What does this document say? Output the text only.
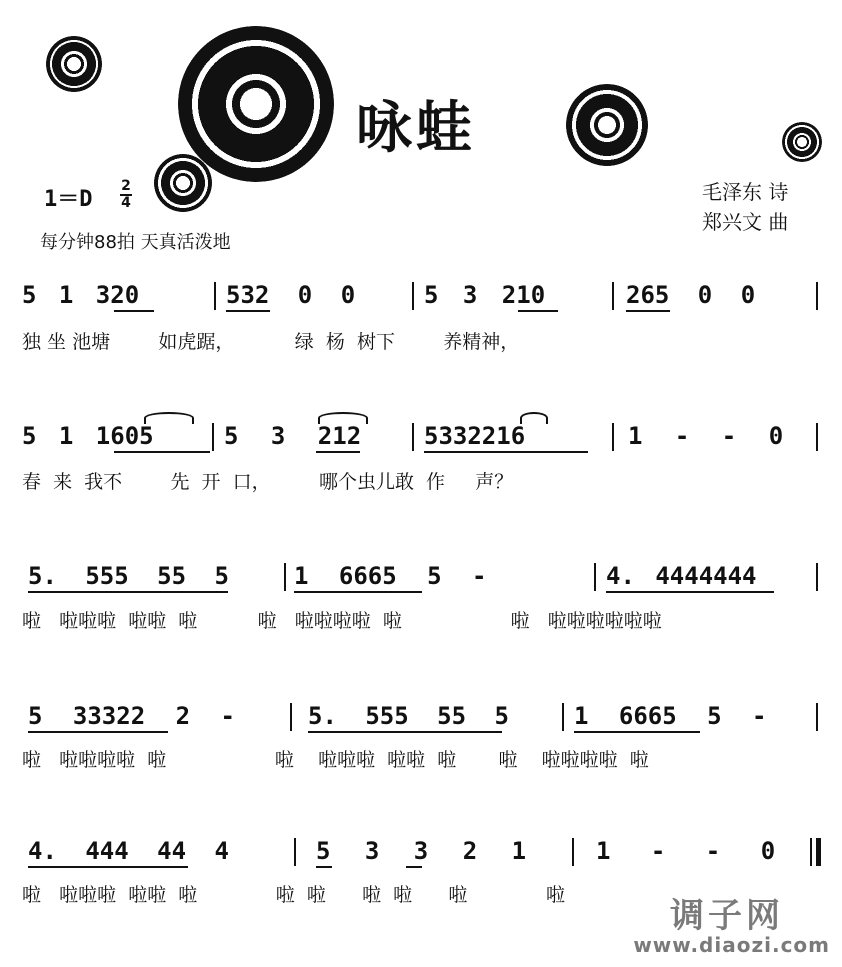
咏蛙
毛泽东 诗
郑兴文 曲
1＝D
2
4
每分钟88拍 天真活泼地
5 1 320	532 0 0	5 3 210	265 0 0
独 坐 池塘        如虎踞，          绿  杨  树下        养精神，
5 1 1605	5 3 212	5332216	1 - - 0
春  来  我不        先  开  口，        哪个虫儿敢  作     声？
5. 555 55 5	1 6665 5 -	4. 4444444
啦   啦啦啦  啦啦  啦          啦   啦啦啦啦  啦                  啦   啦啦啦啦啦啦
5 33322 2 -	5. 555 55 5	1 6665 5 -
啦   啦啦啦啦  啦                  啦    啦啦啦  啦啦  啦       啦    啦啦啦啦  啦
4. 444 44 4	5 3 3 2 1	1 - - 0
啦   啦啦啦  啦啦  啦             啦  啦      啦  啦      啦             啦
调子网
www.diaozi.com
